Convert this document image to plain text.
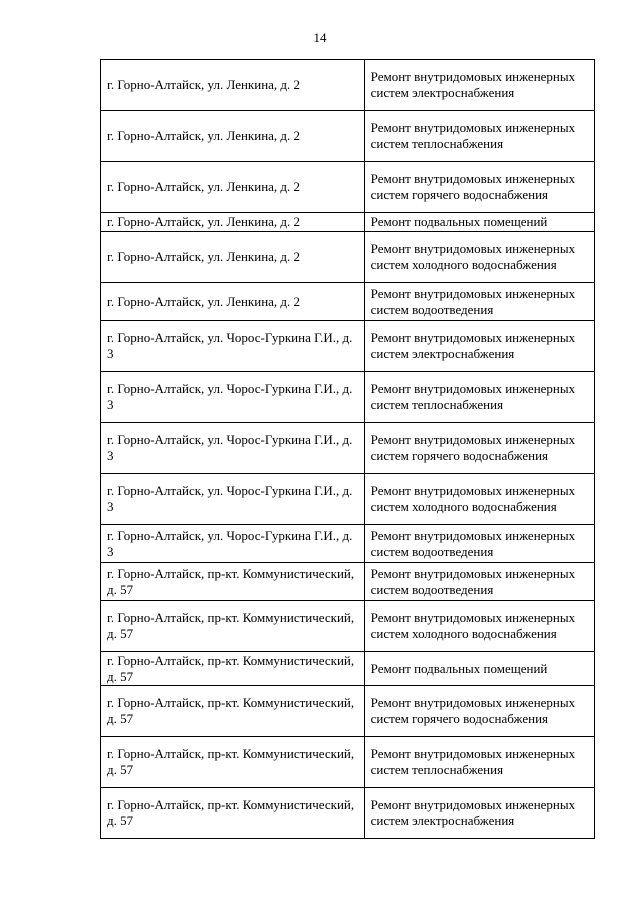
14
г. Горно-Алтайск, ул. Ленкина, д. 2	Ремонт внутридомовых инженерных систем электроснабжения
г. Горно-Алтайск, ул. Ленкина, д. 2	Ремонт внутридомовых инженерных систем теплоснабжения
г. Горно-Алтайск, ул. Ленкина, д. 2	Ремонт внутридомовых инженерных систем горячего водоснабжения
г. Горно-Алтайск, ул. Ленкина, д. 2	Ремонт подвальных помещений
г. Горно-Алтайск, ул. Ленкина, д. 2	Ремонт внутридомовых инженерных систем холодного водоснабжения
г. Горно-Алтайск, ул. Ленкина, д. 2	Ремонт внутридомовых инженерных систем водоотведения
г. Горно-Алтайск, ул. Чорос-Гуркина Г.И., д. 3	Ремонт внутридомовых инженерных систем электроснабжения
г. Горно-Алтайск, ул. Чорос-Гуркина Г.И., д. 3	Ремонт внутридомовых инженерных систем теплоснабжения
г. Горно-Алтайск, ул. Чорос-Гуркина Г.И., д. 3	Ремонт внутридомовых инженерных систем горячего водоснабжения
г. Горно-Алтайск, ул. Чорос-Гуркина Г.И., д. 3	Ремонт внутридомовых инженерных систем холодного водоснабжения
г. Горно-Алтайск, ул. Чорос-Гуркина Г.И., д. 3	Ремонт внутридомовых инженерных систем водоотведения
г. Горно-Алтайск, пр-кт. Коммунистический, д. 57	Ремонт внутридомовых инженерных систем водоотведения
г. Горно-Алтайск, пр-кт. Коммунистический, д. 57	Ремонт внутридомовых инженерных систем холодного водоснабжения
г. Горно-Алтайск, пр-кт. Коммунистический, д. 57	Ремонт подвальных помещений
г. Горно-Алтайск, пр-кт. Коммунистический, д. 57	Ремонт внутридомовых инженерных систем горячего водоснабжения
г. Горно-Алтайск, пр-кт. Коммунистический, д. 57	Ремонт внутридомовых инженерных систем теплоснабжения
г. Горно-Алтайск, пр-кт. Коммунистический, д. 57	Ремонт внутридомовых инженерных систем электроснабжения
